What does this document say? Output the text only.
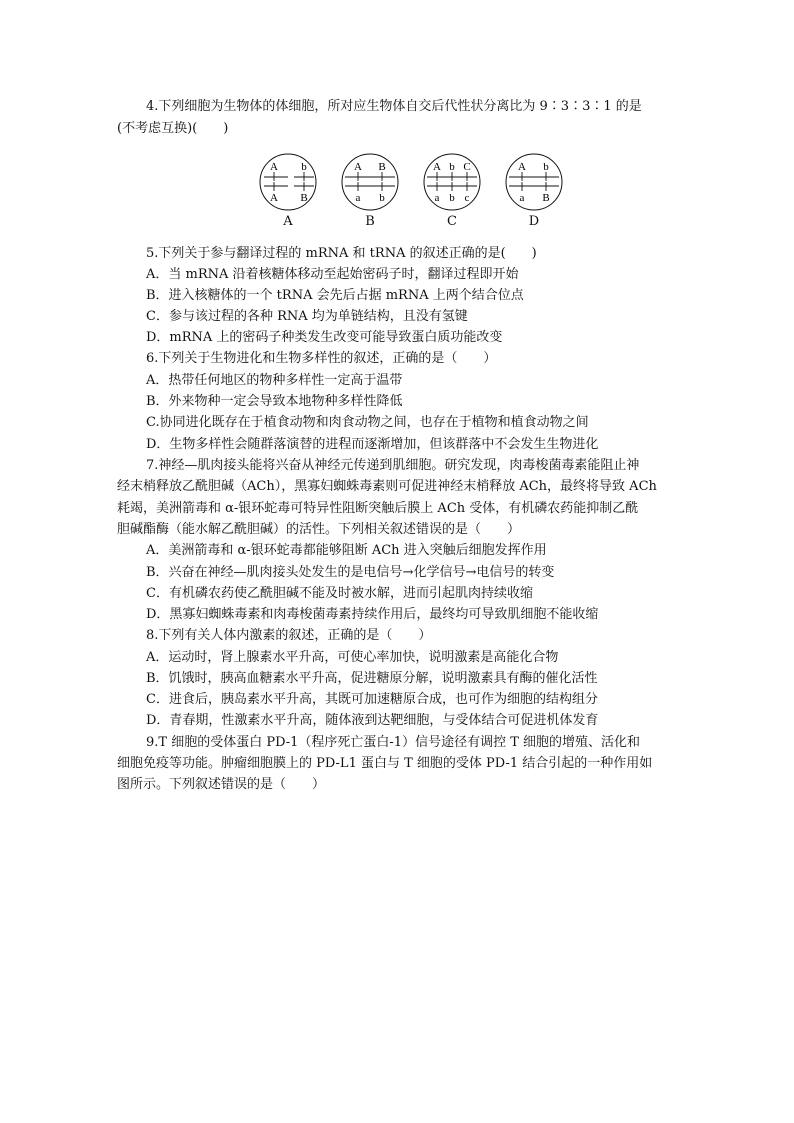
4.下列细胞为生物体的体细胞，所对应生物体自交后代性状分离比为 9∶3∶3∶1 的是
(不考虑互换)(　　)
A b
A B
A
A B
a b
B
A b C
a b c
C
A b
a B
D
5.下列关于参与翻译过程的 mRNA 和 tRNA 的叙述正确的是(　　)
A．当 mRNA 沿着核糖体移动至起始密码子时，翻译过程即开始
B．进入核糖体的一个 tRNA 会先后占据 mRNA 上两个结合位点
C．参与该过程的各种 RNA 均为单链结构，且没有氢键
D．mRNA 上的密码子种类发生改变可能导致蛋白质功能改变
6.下列关于生物进化和生物多样性的叙述，正确的是（　　）
A．热带任何地区的物种多样性一定高于温带
B．外来物种一定会导致本地物种多样性降低
C.协同进化既存在于植食动物和肉食动物之间，也存在于植物和植食动物之间
D．生物多样性会随群落演替的进程而逐渐增加，但该群落中不会发生生物进化
7.神经—肌肉接头能将兴奋从神经元传递到肌细胞。研究发现，肉毒梭菌毒素能阻止神
经末梢释放乙酰胆碱（ACh），黑寡妇蜘蛛毒素则可促进神经末梢释放 ACh，最终将导致 ACh
耗竭，美洲箭毒和 α-银环蛇毒可特异性阻断突触后膜上 ACh 受体，有机磷农药能抑制乙酰
胆碱酯酶（能水解乙酰胆碱）的活性。下列相关叙述错误的是（　　）
A．美洲箭毒和 α-银环蛇毒都能够阻断 ACh 进入突触后细胞发挥作用
B．兴奋在神经—肌肉接头处发生的是电信号→化学信号→电信号的转变
C．有机磷农药使乙酰胆碱不能及时被水解，进而引起肌肉持续收缩
D．黑寡妇蜘蛛毒素和肉毒梭菌毒素持续作用后，最终均可导致肌细胞不能收缩
8.下列有关人体内激素的叙述，正确的是（　　）
A．运动时，肾上腺素水平升高，可使心率加快，说明激素是高能化合物
B．饥饿时，胰高血糖素水平升高，促进糖原分解，说明激素具有酶的催化活性
C．进食后，胰岛素水平升高，其既可加速糖原合成，也可作为细胞的结构组分
D．青春期，性激素水平升高，随体液到达靶细胞，与受体结合可促进机体发育
9.T 细胞的受体蛋白 PD-1（程序死亡蛋白-1）信号途径有调控 T 细胞的增殖、活化和
细胞免疫等功能。肿瘤细胞膜上的 PD-L1 蛋白与 T 细胞的受体 PD-1 结合引起的一种作用如
图所示。下列叙述错误的是（　　）
